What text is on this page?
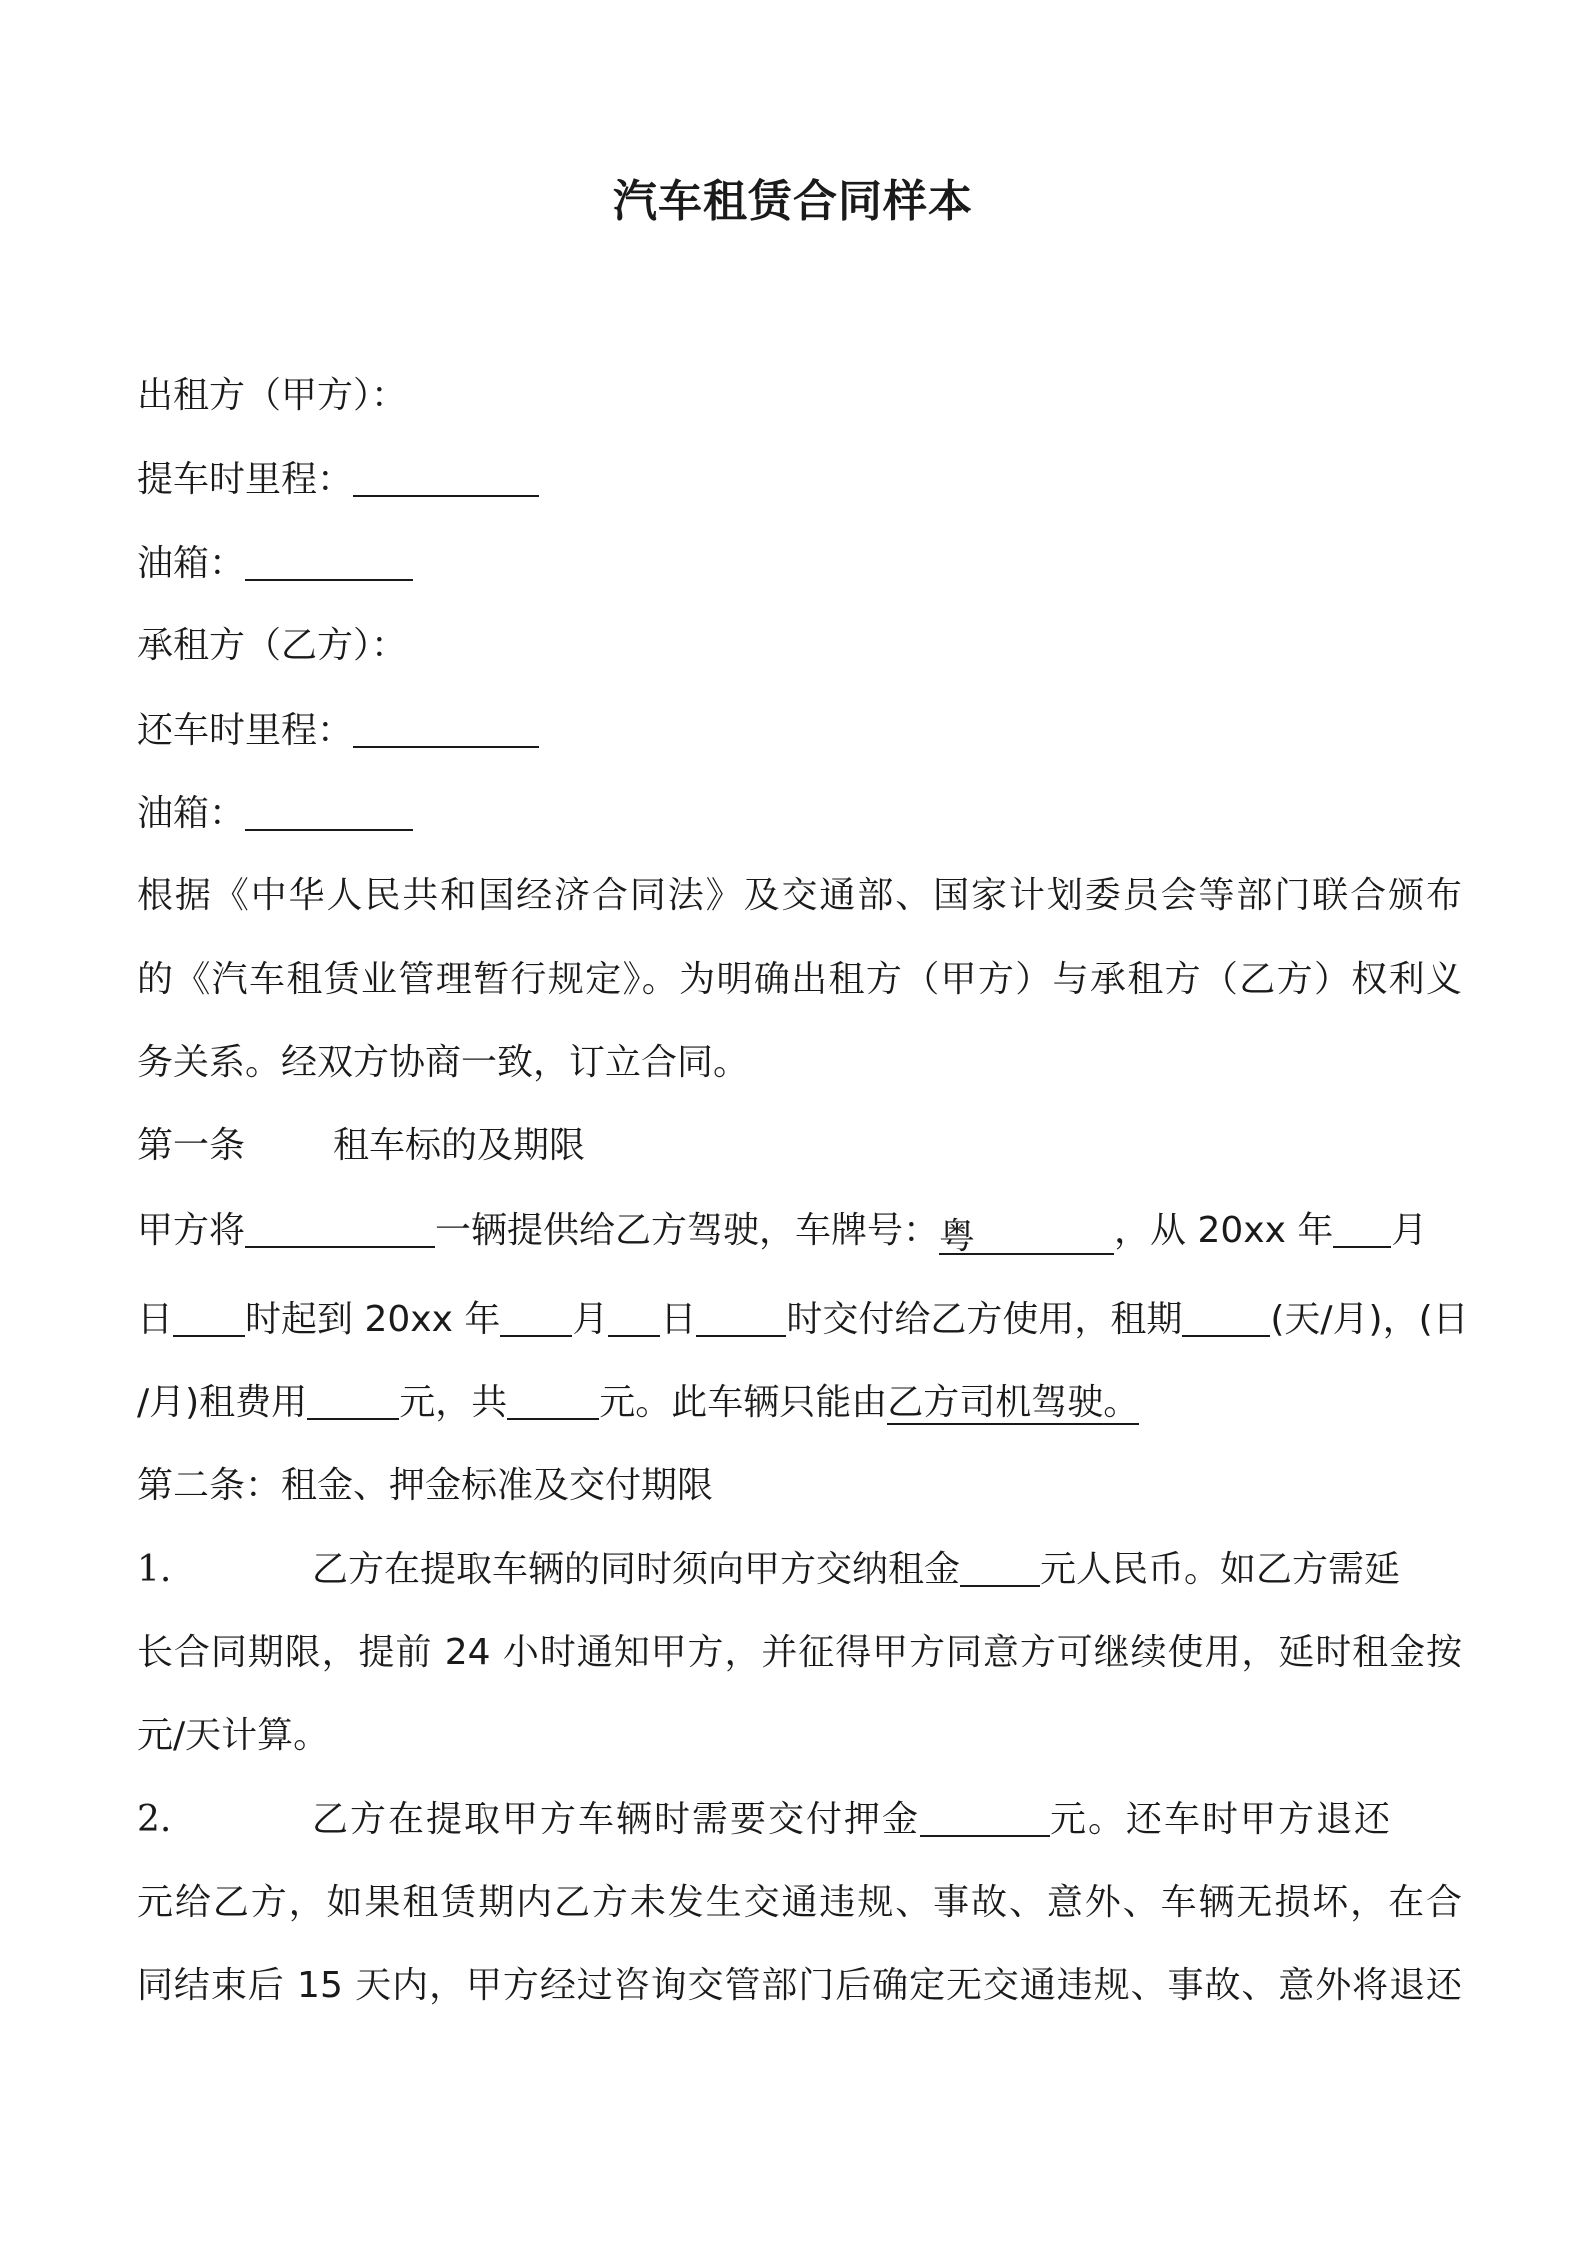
汽车租赁合同样本
出租方（甲方）：
提车时里程：
油箱：
承租方（乙方）：
还车时里程：
油箱：
根据《中华人民共和国经济合同法》及交通部、国家计划委员会等部门联合颁布
的《汽车租赁业管理暂行规定》。为明确出租方（甲方）与承租方（乙方）权利义
务关系。经双方协商一致，订立合同。
第一条 租车标的及期限
甲方将	一辆提供给乙方驾驶，车牌号：粤	，从 20xx 年 月
日 时起到 20xx 年 月 日	时交付给乙方使用，租期 (天/月)，(日
/月)租费用	元，共	元。此车辆只能由乙方司机驾驶。
第二条：租金、押金标准及交付期限
1.	乙方在提取车辆的同时须向甲方交纳租金 元人民币。如乙方需延
长合同期限，提前 24 小时通知甲方，并征得甲方同意方可继续使用，延时租金按
元/天计算。
2.	乙方在提取甲方车辆时需要交付押金	元。还车时甲方退还
元给乙方，如果租赁期内乙方未发生交通违规、事故、意外、车辆无损坏，在合
同结束后 15 天内，甲方经过咨询交管部门后确定无交通违规、事故、意外将退还
